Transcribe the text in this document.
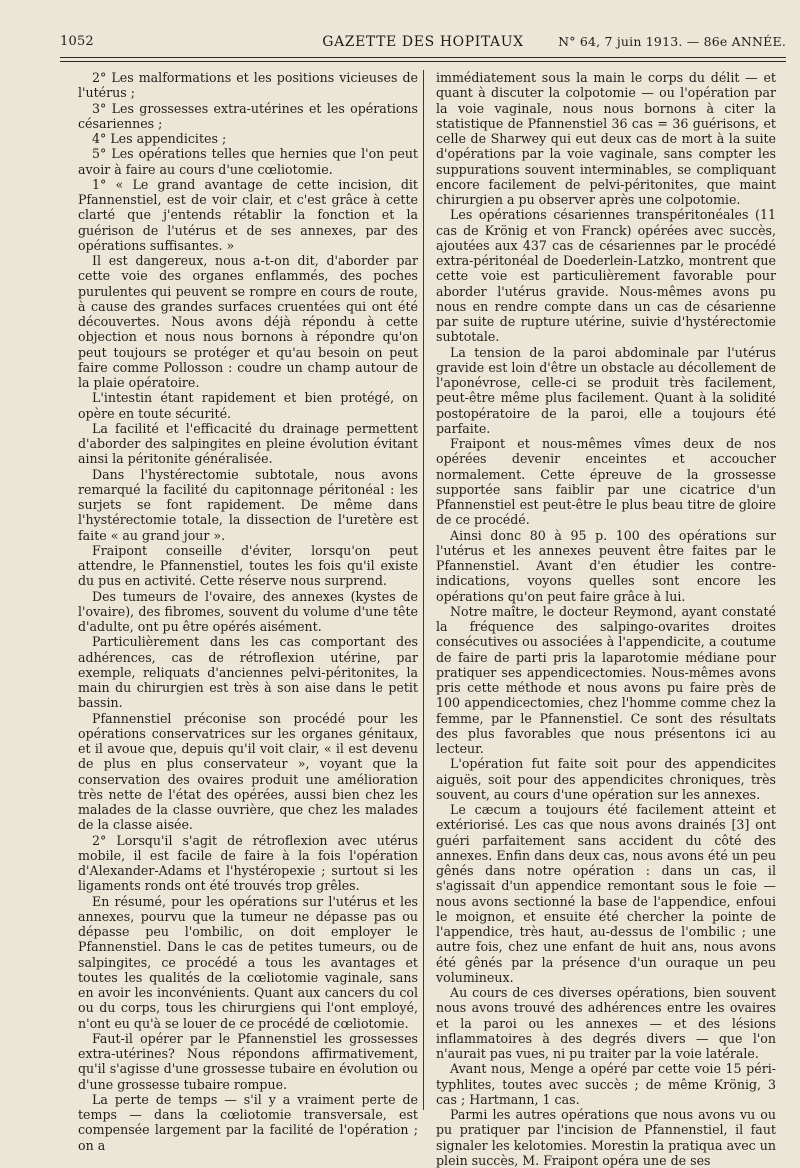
1052	GAZETTE DES HOPITAUX	N° 64, 7 juin 1913. — 86e ANNÉE.

2° Les malformations et les positions vicieuses de l'utérus ;

3° Les grossesses extra-utérines et les opérations césariennes ;

4° Les appendicites ;

5° Les opérations telles que hernies que l'on peut avoir à faire au cours d'une cœliotomie.

1° « Le grand avantage de cette incision, dit Pfannenstiel, est de voir clair, et c'est grâce à cette clarté que j'entends rétablir la fonction et la guérison de l'utérus et de ses annexes, par des opérations suffisantes. »

Il est dangereux, nous a-t-on dit, d'aborder par cette voie des organes enflammés, des poches purulentes qui peuvent se rompre en cours de route, à cause des grandes surfaces cruentées qui ont été découvertes. Nous avons déjà répondu à cette objection et nous nous bornons à répondre qu'on peut toujours se protéger et qu'au besoin on peut faire comme Pollosson : coudre un champ autour de la plaie opératoire.

L'intestin étant rapidement et bien protégé, on opère en toute sécurité.

La facilité et l'efficacité du drainage permettent d'aborder des salpingites en pleine évolution évitant ainsi la péritonite généralisée.

Dans l'hystérectomie subtotale, nous avons remarqué la facilité du capitonnage péritonéal : les surjets se font rapidement. De même dans l'hystérectomie totale, la dissection de l'uretère est faite « au grand jour ».

Fraipont conseille d'éviter, lorsqu'on peut attendre, le Pfannenstiel, toutes les fois qu'il existe du pus en activité. Cette réserve nous surprend.

Des tumeurs de l'ovaire, des annexes (kystes de l'ovaire), des fibromes, souvent du volume d'une tête d'adulte, ont pu être opérés aisément.

Particulièrement dans les cas comportant des adhérences, cas de rétroflexion utérine, par exemple, reliquats d'anciennes pelvi-péritonites, la main du chirurgien est très à son aise dans le petit bassin.

Pfannenstiel préconise son procédé pour les opérations conservatrices sur les organes génitaux, et il avoue que, depuis qu'il voit clair, « il est devenu de plus en plus conservateur », voyant que la conservation des ovaires produit une amélioration très nette de l'état des opérées, aussi bien chez les malades de la classe ouvrière, que chez les malades de la classe aisée.

2° Lorsqu'il s'agit de rétroflexion avec utérus mobile, il est facile de faire à la fois l'opération d'Alexander-Adams et l'hystéropexie ; surtout si les ligaments ronds ont été trouvés trop grêles.

En résumé, pour les opérations sur l'utérus et les annexes, pourvu que la tumeur ne dépasse pas ou dépasse peu l'ombilic, on doit employer le Pfannenstiel. Dans le cas de petites tumeurs, ou de salpingites, ce procédé a tous les avantages et toutes les qualités de la cœliotomie vaginale, sans en avoir les inconvénients. Quant aux cancers du col ou du corps, tous les chirurgiens qui l'ont employé, n'ont eu qu'à se louer de ce procédé de cœliotomie.

Faut-il opérer par le Pfannenstiel les grossesses extra-utérines? Nous répondons affirmativement, qu'il s'agisse d'une grossesse tubaire en évolution ou d'une grossesse tubaire rompue.

La perte de temps — s'il y a vraiment perte de temps — dans la cœliotomie transversale, est compensée largement par la facilité de l'opération ; on a

immédiatement sous la main le corps du délit — et quant à discuter la colpotomie — ou l'opération par la voie vaginale, nous nous bornons à citer la statistique de Pfannenstiel 36 cas = 36 guérisons, et celle de Sharwey qui eut deux cas de mort à la suite d'opérations par la voie vaginale, sans compter les suppurations souvent interminables, se compliquant encore facilement de pelvi-péritonites, que maint chirurgien a pu observer après une colpotomie.

Les opérations césariennes transpéritonéales (11 cas de Krönig et von Franck) opérées avec succès, ajoutées aux 437 cas de césariennes par le procédé extra-péritonéal de Doederlein-Latzko, montrent que cette voie est particulièrement favorable pour aborder l'utérus gravide. Nous-mêmes avons pu nous en rendre compte dans un cas de césarienne par suite de rupture utérine, suivie d'hystérectomie subtotale.

La tension de la paroi abdominale par l'utérus gravide est loin d'être un obstacle au décollement de l'aponévrose, celle-ci se produit très facilement, peut-être même plus facilement. Quant à la solidité postopératoire de la paroi, elle a toujours été parfaite.

Fraipont et nous-mêmes vîmes deux de nos opérées devenir enceintes et accoucher normalement. Cette épreuve de la grossesse supportée sans faiblir par une cicatrice d'un Pfannenstiel est peut-être le plus beau titre de gloire de ce procédé.

Ainsi donc 80 à 95 p. 100 des opérations sur l'utérus et les annexes peuvent être faites par le Pfannenstiel. Avant d'en étudier les contre-indications, voyons quelles sont encore les opérations qu'on peut faire grâce à lui.

Notre maître, le docteur Reymond, ayant constaté la fréquence des salpingo-ovarites droites consécutives ou associées à l'appendicite, a coutume de faire de parti pris la laparotomie médiane pour pratiquer ses appendicectomies. Nous-mêmes avons pris cette méthode et nous avons pu faire près de 100 appendicectomies, chez l'homme comme chez la femme, par le Pfannenstiel. Ce sont des résultats des plus favorables que nous présentons ici au lecteur.

L'opération fut faite soit pour des appendicites aiguës, soit pour des appendicites chroniques, très souvent, au cours d'une opération sur les annexes.

Le cæcum a toujours été facilement atteint et extériorisé. Les cas que nous avons drainés [3] ont guéri parfaitement sans accident du côté des annexes. Enfin dans deux cas, nous avons été un peu gênés dans notre opération : dans un cas, il s'agissait d'un appendice remontant sous le foie — nous avons sectionné la base de l'appendice, enfoui le moignon, et ensuite été chercher la pointe de l'appendice, très haut, au-dessus de l'ombilic ; une autre fois, chez une enfant de huit ans, nous avons été gênés par la présence d'un ouraque un peu volumineux.

Au cours de ces diverses opérations, bien souvent nous avons trouvé des adhérences entre les ovaires et la paroi ou les annexes — et des lésions inflammatoires à des degrés divers — que l'on n'aurait pas vues, ni pu traiter par la voie latérale.

Avant nous, Menge a opéré par cette voie 15 péri-typhlites, toutes avec succès ; de même Krönig, 3 cas ; Hartmann, 1 cas.

Parmi les autres opérations que nous avons vu ou pu pratiquer par l'incision de Pfannenstiel, il faut signaler les kelotomies. Morestin la pratiqua avec un plein succès, M. Fraipont opéra une de ses
